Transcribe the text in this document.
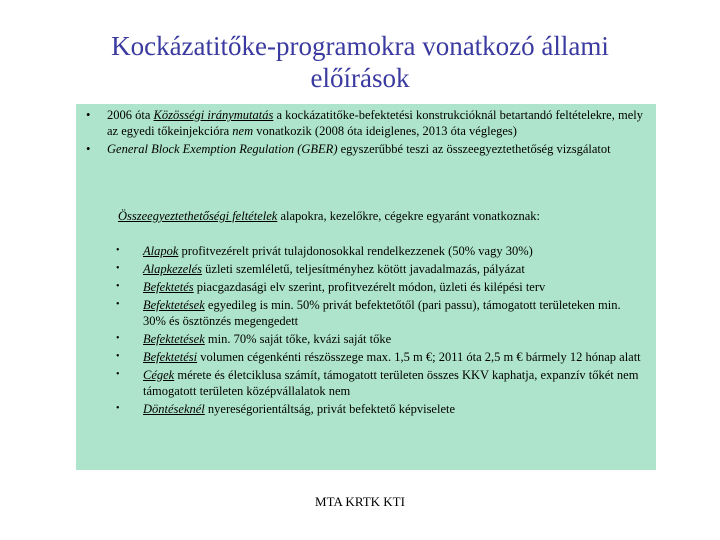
Kockázatitőke-programokra vonatkozó állami
előírások
• 2006 óta Közösségi iránymutatás a kockázatitőke-befektetési konstrukcióknál betartandó feltételekre, mely az egyedi tőkeinjekcióra nem vonatkozik (2008 óta ideiglenes, 2013 óta végleges)
• General Block Exemption Regulation (GBER) egyszerűbbé teszi az összeegyeztethetőség vizsgálatot
Összeegyeztethetőségi feltételek alapokra, kezelőkre, cégekre egyaránt vonatkoznak:
• Alapok profitvezérelt privát tulajdonosokkal rendelkezzenek (50% vagy 30%)
• Alapkezelés üzleti szemléletű, teljesítményhez kötött javadalmazás, pályázat
• Befektetés piacgazdasági elv szerint, profitvezérelt módon, üzleti és kilépési terv
• Befektetések egyedileg is min. 50% privát befektetőtől (pari passu), támogatott területeken min. 30% és ösztönzés megengedett
• Befektetések min. 70% saját tőke, kvázi saját tőke
• Befektetési volumen cégenkénti részösszege max. 1,5 m €; 2011 óta 2,5 m € bármely 12 hónap alatt
• Cégek mérete és életciklusa számít, támogatott területen összes KKV kaphatja, expanzív tőkét nem támogatott területen középvállalatok nem
• Döntéseknél nyereségorientáltság, privát befektető képviselete
MTA KRTK KTI
